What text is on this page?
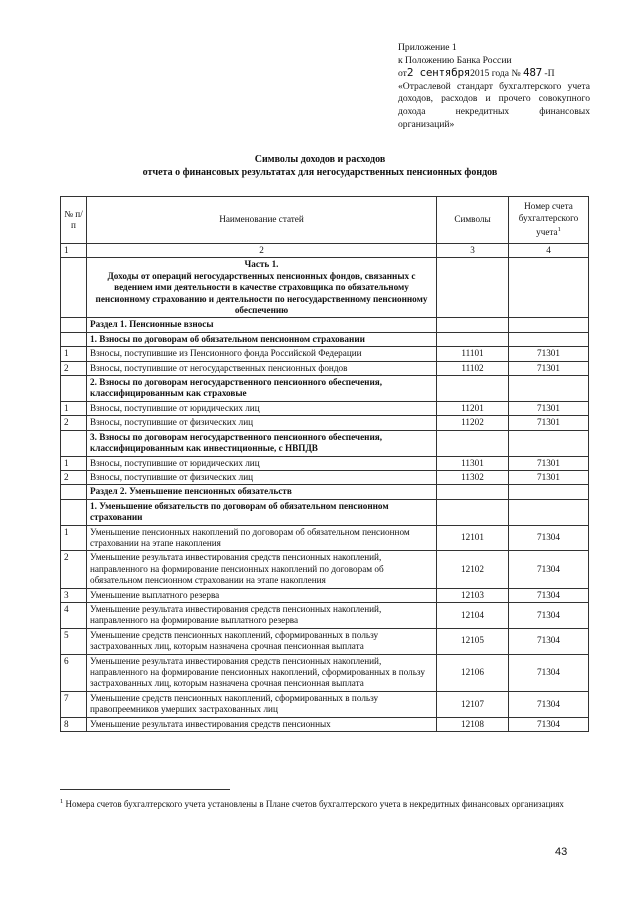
Приложение 1
к Положению Банка России
от2 сентября2015 года № 487 -П
«Отраслевой стандарт бухгалтерского учета доходов, расходов и прочего совокупного дохода некредитных финансовых организаций»
Символы доходов и расходов
отчета о финансовых результатах для негосударственных пенсионных фондов
№ п/п	Наименование статей	Символы	Номер счета бухгалтерского учета$^1$
1	2	3	4

	Часть 1.
Доходы от операций негосударственных пенсионных фондов, связанных с ведением ими деятельности в качестве страховщика по обязательному пенсионному страхованию и деятельности по негосударственному пенсионному обеспечению		

	Раздел 1. Пенсионные взносы		
	1. Взносы по договорам об обязательном пенсионном страховании		
1	Взносы, поступившие из Пенсионного фонда Российской Федерации	11101	71301
2	Взносы, поступившие от негосударственных пенсионных фондов	11102	71301
	2. Взносы по договорам негосударственного пенсионного обеспечения, классифицированным как страховые		
1	Взносы, поступившие от юридических лиц	11201	71301
2	Взносы, поступившие от физических лиц	11202	71301
	3. Взносы по договорам негосударственного пенсионного обеспечения, классифицированным как инвестиционные, с НВПДВ		
1	Взносы, поступившие от юридических лиц	11301	71301
2	Взносы, поступившие от физических лиц	11302	71301
	Раздел 2. Уменьшение пенсионных обязательств		
	1. Уменьшение обязательств по договорам об обязательном пенсионном страховании		
1	Уменьшение пенсионных накоплений по договорам об обязательном пенсионном страховании на этапе накопления	12101	71304
2	Уменьшение результата инвестирования средств пенсионных накоплений, направленного на формирование пенсионных накоплений по договорам об обязательном пенсионном страховании на этапе накопления	12102	71304
3	Уменьшение выплатного резерва	12103	71304
4	Уменьшение результата инвестирования средств пенсионных накоплений, направленного на формирование выплатного резерва	12104	71304
5	Уменьшение средств пенсионных накоплений, сформированных в пользу застрахованных лиц, которым назначена срочная пенсионная выплата	12105	71304
6	Уменьшение результата инвестирования средств пенсионных накоплений, направленного на формирование пенсионных накоплений, сформированных в пользу застрахованных лиц, которым назначена срочная пенсионная выплата	12106	71304
7	Уменьшение средств пенсионных накоплений, сформированных в пользу правопреемников умерших застрахованных лиц	12107	71304
8	Уменьшение результата инвестирования средств пенсионных	12108	71304
$^1$ Номера счетов бухгалтерского учета установлены в Плане счетов бухгалтерского учета в некредитных финансовых организациях
43
